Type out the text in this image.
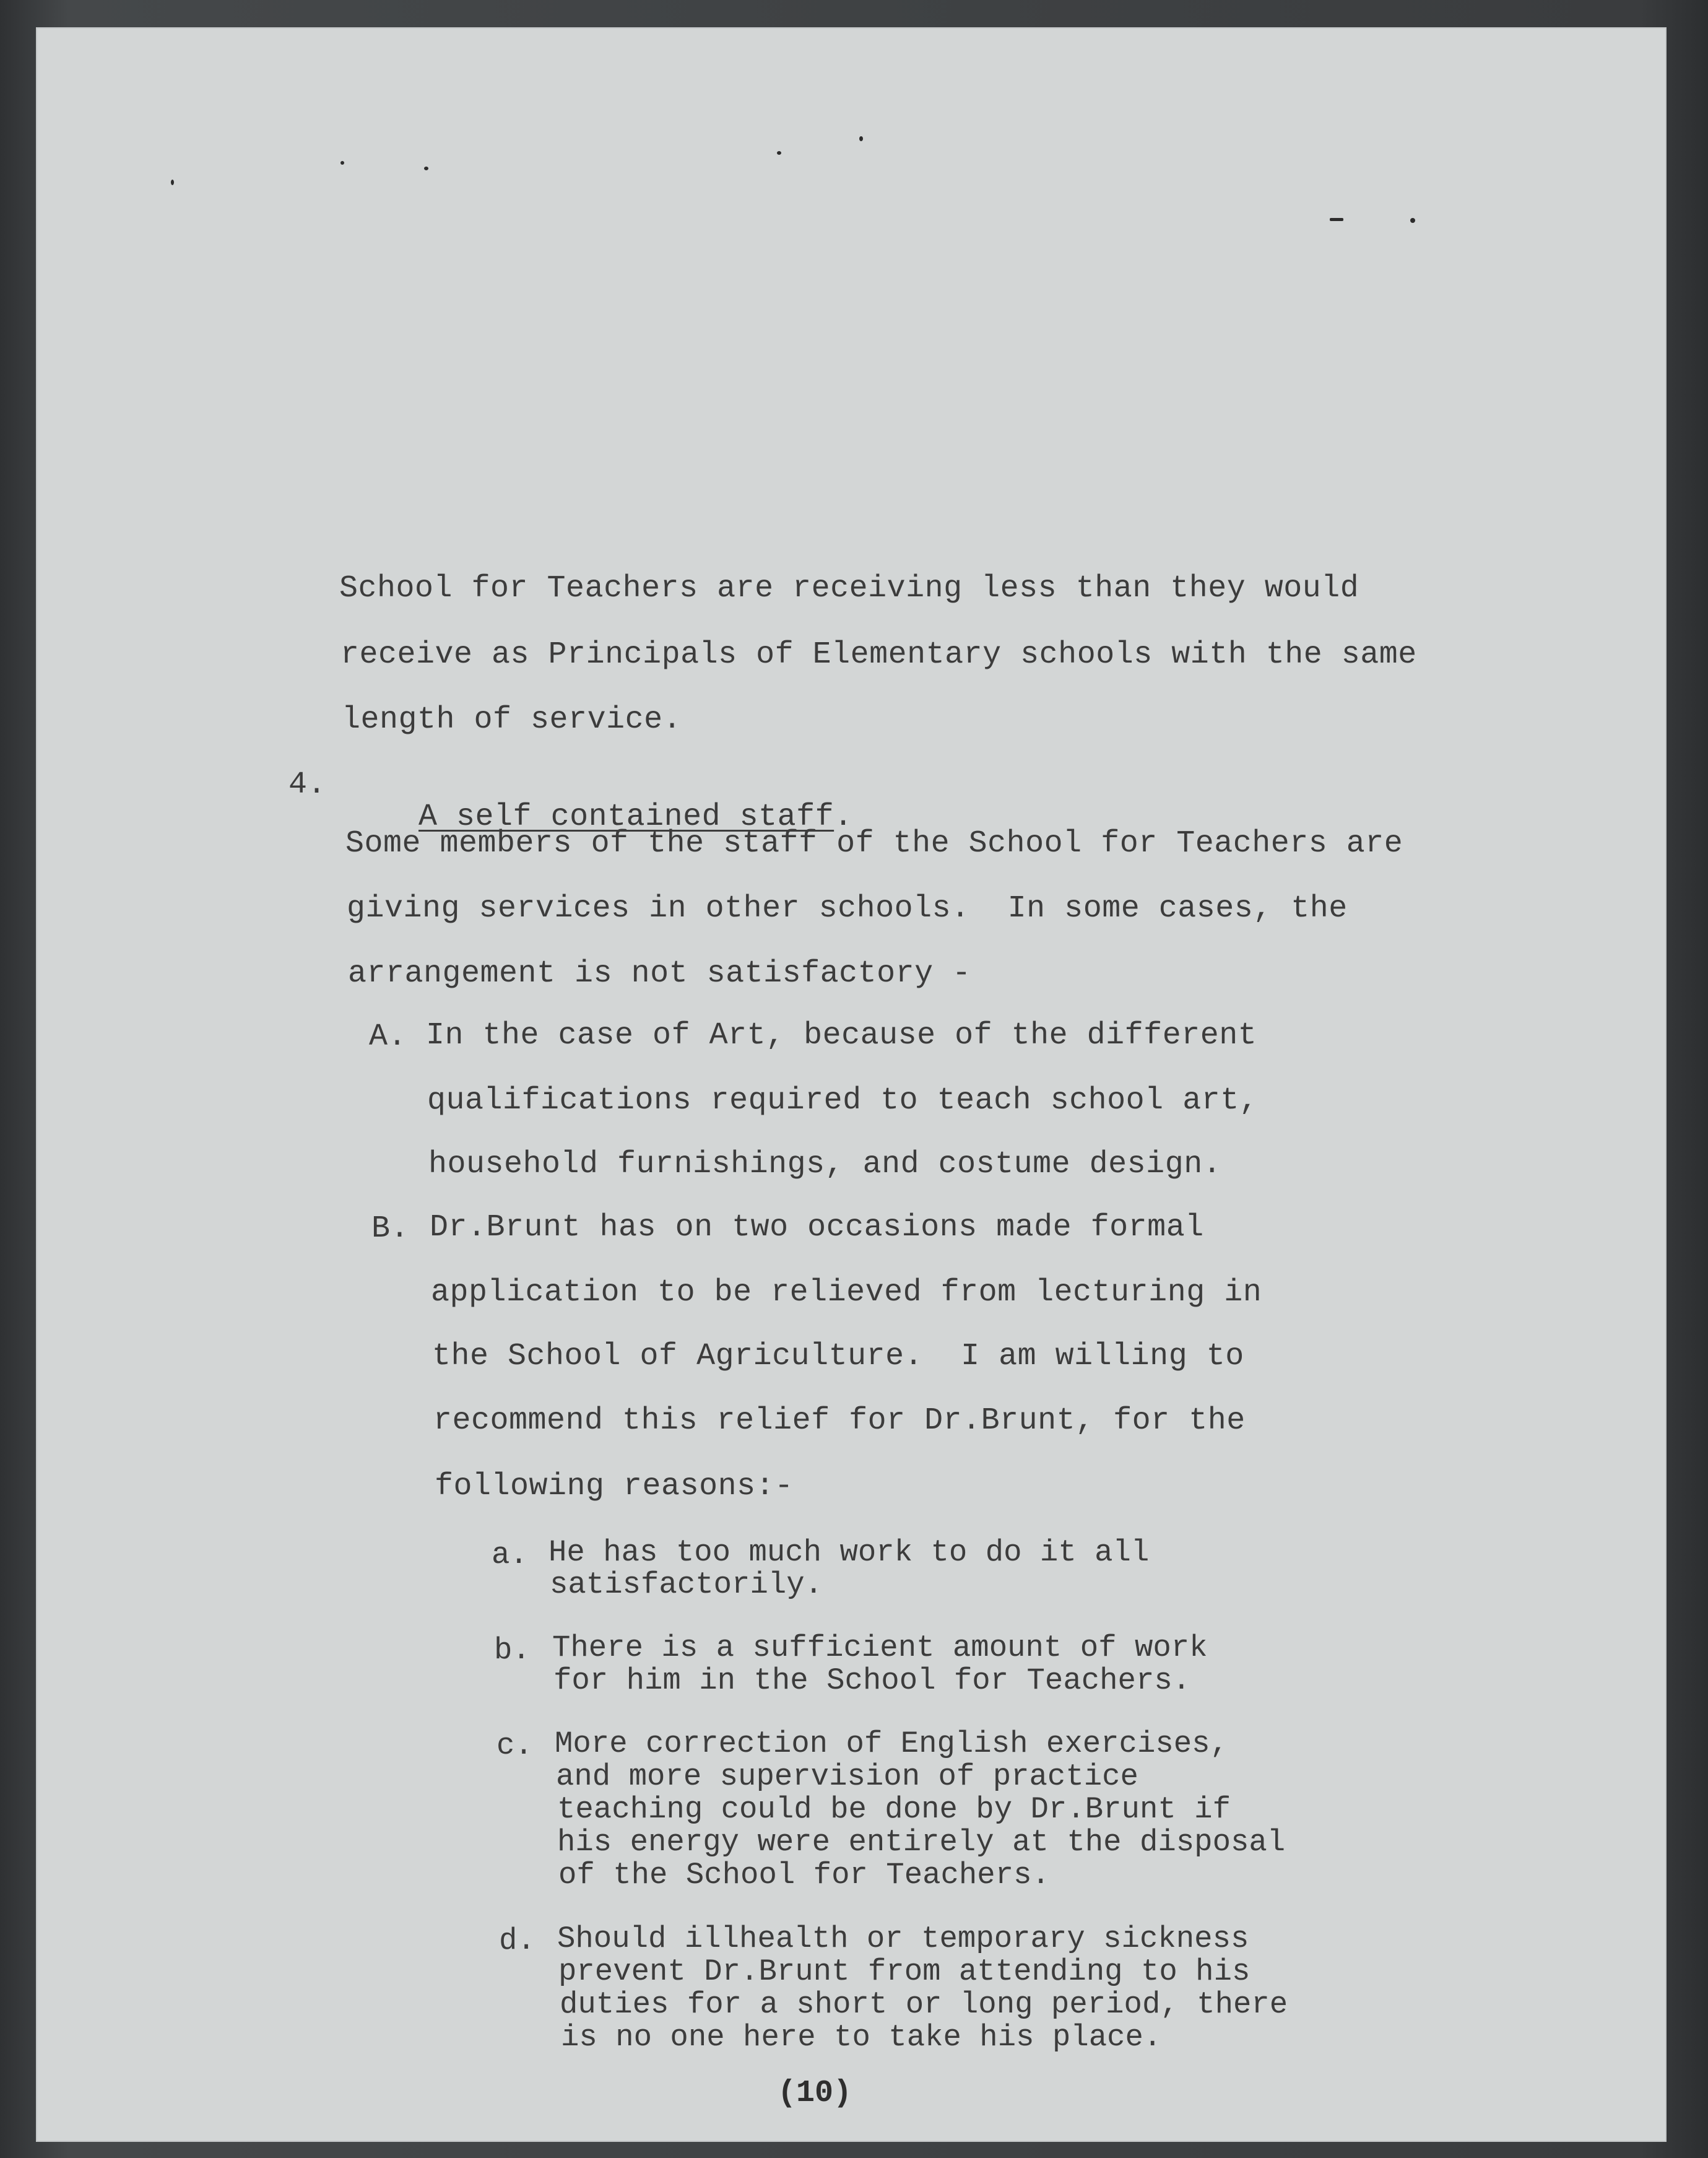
School for Teachers are receiving less than they would
receive as Principals of Elementary schools with the same
length of service.
4.

A self contained staff.

Some members of the staff of the School for Teachers are
giving services in other schools.  In some cases, the
arrangement is not satisfactory -
A. In the case of Art, because of the different
qualifications required to teach school art,
household furnishings, and costume design.
B. Dr.Brunt has on two occasions made formal
application to be relieved from lecturing in
the School of Agriculture.  I am willing to
recommend this relief for Dr.Brunt, for the
following reasons:-
a. He has too much work to do it all
satisfactorily.
b. There is a sufficient amount of work
for him in the School for Teachers.
c. More correction of English exercises,
and more supervision of practice
teaching could be done by Dr.Brunt if
his energy were entirely at the disposal
of the School for Teachers.
d. Should illhealth or temporary sickness
prevent Dr.Brunt from attending to his
duties for a short or long period, there
is no one here to take his place.
(10)
